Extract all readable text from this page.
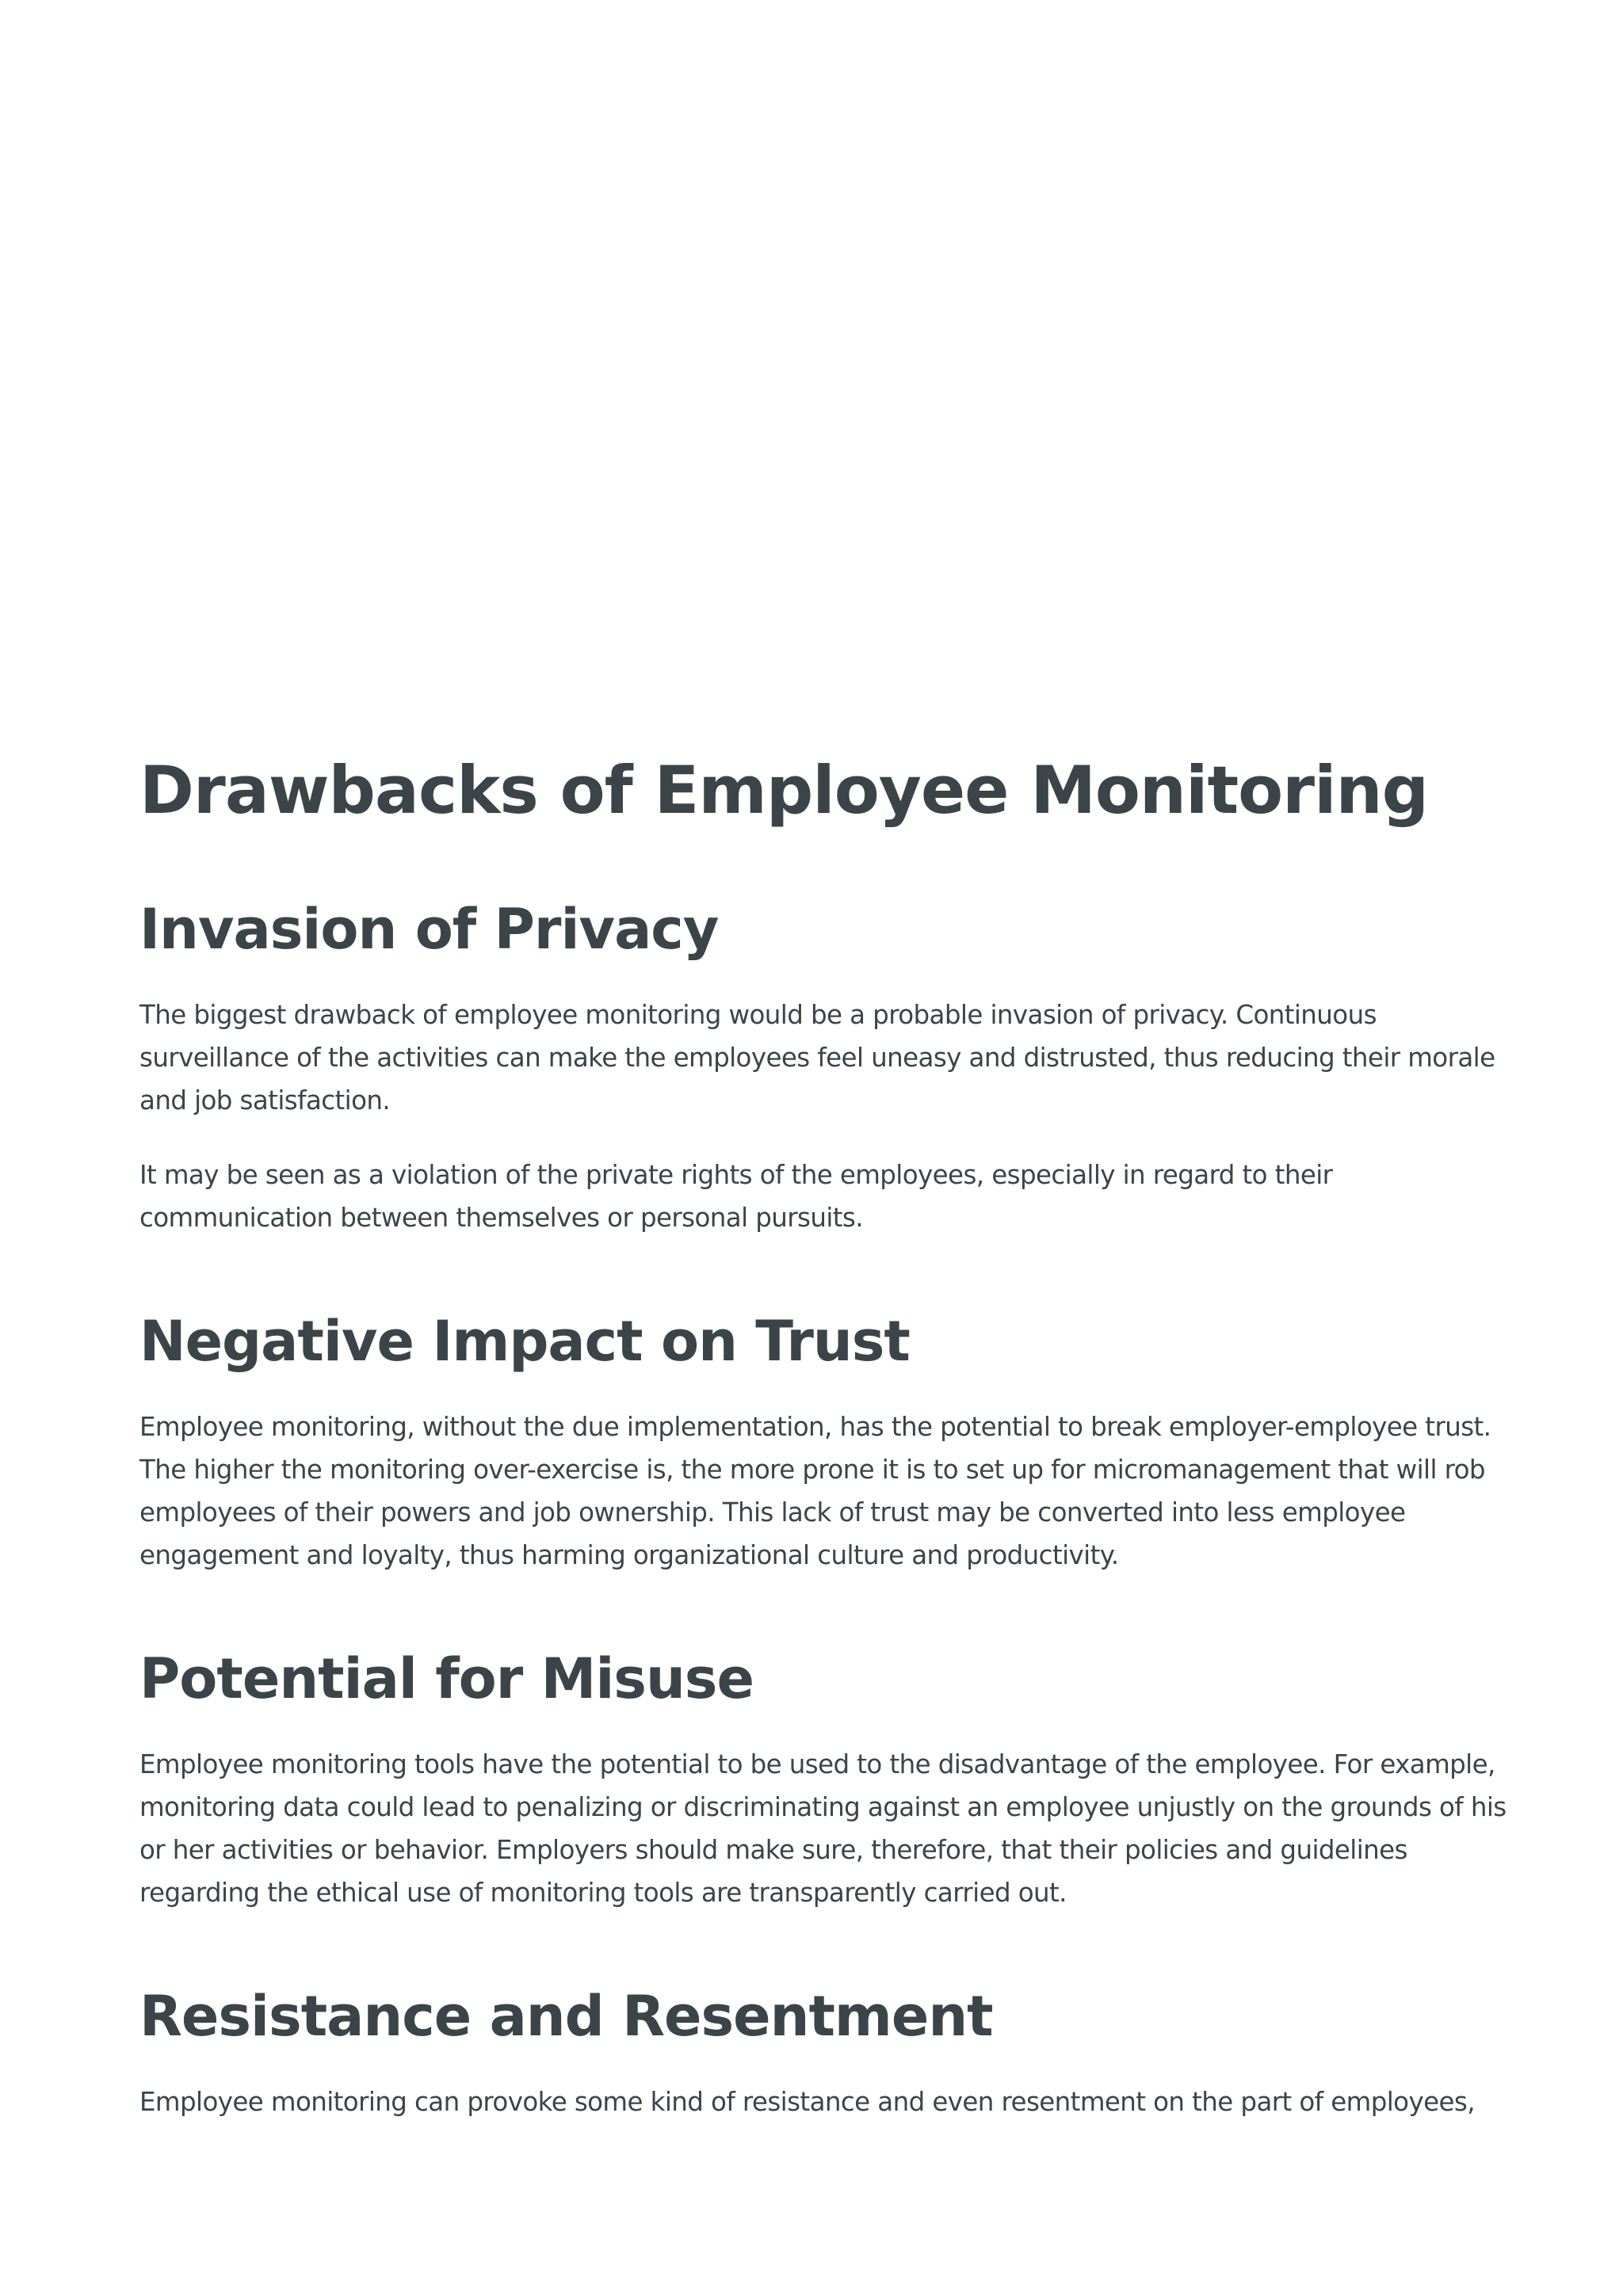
Drawbacks of Employee Monitoring
Invasion of Privacy

The biggest drawback of employee monitoring would be a probable invasion of privacy. Continuous
surveillance of the activities can make the employees feel uneasy and distrusted, thus reducing their morale
and job satisfaction.

It may be seen as a violation of the private rights of the employees, especially in regard to their
communication between themselves or personal pursuits.

Negative Impact on Trust

Employee monitoring, without the due implementation, has the potential to break employer-employee trust.
The higher the monitoring over-exercise is, the more prone it is to set up for micromanagement that will rob
employees of their powers and job ownership. This lack of trust may be converted into less employee
engagement and loyalty, thus harming organizational culture and productivity.

Potential for Misuse

Employee monitoring tools have the potential to be used to the disadvantage of the employee. For example,
monitoring data could lead to penalizing or discriminating against an employee unjustly on the grounds of his
or her activities or behavior. Employers should make sure, therefore, that their policies and guidelines
regarding the ethical use of monitoring tools are transparently carried out.

Resistance and Resentment

Employee monitoring can provoke some kind of resistance and even resentment on the part of employees,
